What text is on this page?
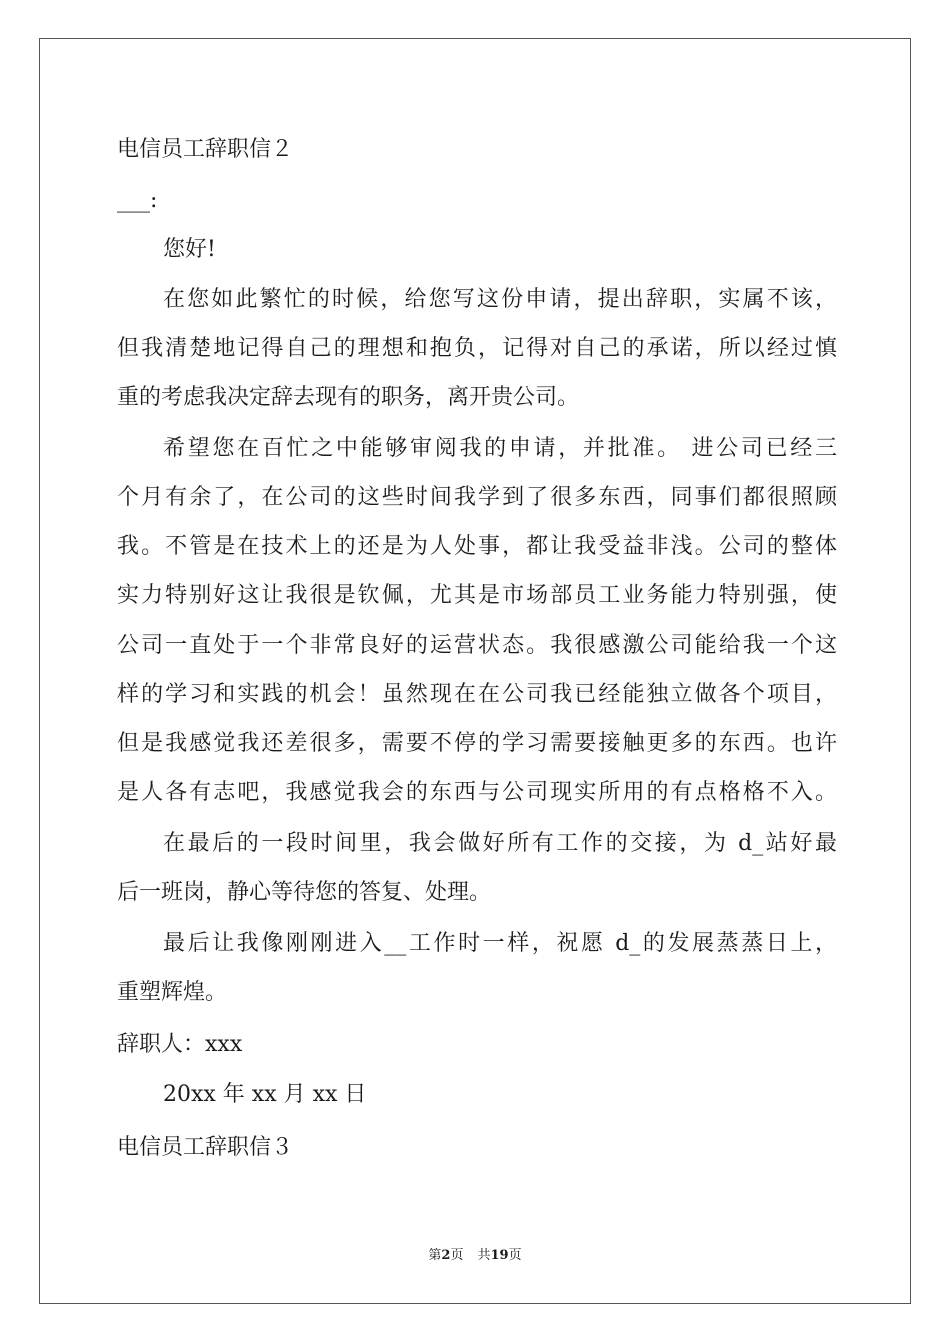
电信员工辞职信２
___:
您好!
在您如此繁忙的时候，给您写这份申请，提出辞职，实属不该，
但我清楚地记得自己的理想和抱负，记得对自己的承诺，所以经过慎
重的考虑我决定辞去现有的职务，离开贵公司。
希望您在百忙之中能够审阅我的申请，并批准。 进公司已经三
个月有余了，在公司的这些时间我学到了很多东西，同事们都很照顾
我。不管是在技术上的还是为人处事，都让我受益非浅。公司的整体
实力特别好这让我很是钦佩，尤其是市场部员工业务能力特别强，使
公司一直处于一个非常良好的运营状态。我很感激公司能给我一个这
样的学习和实践的机会！虽然现在在公司我已经能独立做各个项目，
但是我感觉我还差很多，需要不停的学习需要接触更多的东西。也许
是人各有志吧，我感觉我会的东西与公司现实所用的有点格格不入。
在最后的一段时间里，我会做好所有工作的交接，为 d_站好最
后一班岗，静心等待您的答复、处理。
最后让我像刚刚进入__工作时一样，祝愿 d_的发展蒸蒸日上，
重塑辉煌。
辞职人：xxx
20xx 年 xx 月 xx 日
电信员工辞职信３
第2页 共19页
